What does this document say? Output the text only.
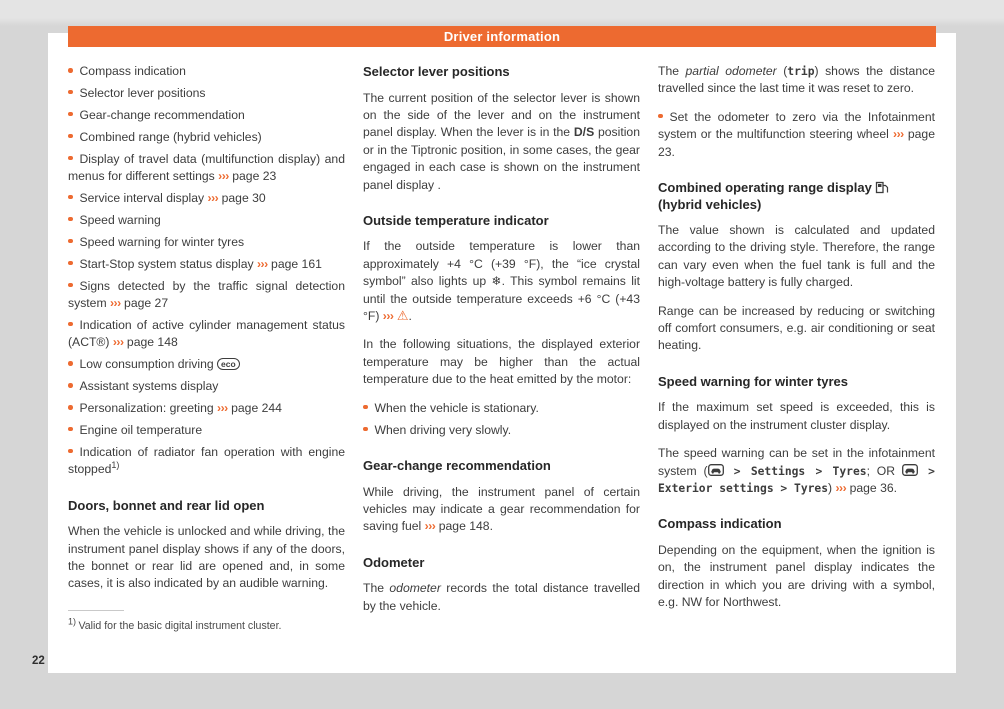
Driver information
Compass indication
Selector lever positions
Gear-change recommendation
Combined range (hybrid vehicles)
Display of travel data (multifunction display) and menus for different settings ››› page 23
Service interval display ››› page 30
Speed warning
Speed warning for winter tyres
Start-Stop system status display ››› page 161
Signs detected by the traffic signal detection system ››› page 27
Indication of active cylinder management status (ACT®) ››› page 148
Low consumption driving eco
Assistant systems display
Personalization: greeting ››› page 244
Engine oil temperature
Indication of radiator fan operation with engine stopped$^{1)}$
Doors, bonnet and rear lid open
When the vehicle is unlocked and while driving, the instrument panel display shows if any of the doors, the bonnet or rear lid are opened and, in some cases, it is also indicated by an audible warning.
$^{1)}$ Valid for the basic digital instrument cluster.
Selector lever positions
The current position of the selector lever is shown on the side of the lever and on the instrument panel display. When the lever is in the D/S position or in the Tiptronic position, in some cases, the gear engaged in each case is shown on the instrument panel display .
Outside temperature indicator
If the outside temperature is lower than approximately +4 °C (+39 °F), the “ice crystal symbol” also lights up ❄. This symbol remains lit until the outside temperature exceeds +6 °C (+43 °F) ››› ⚠.
In the following situations, the displayed exterior temperature may be higher than the actual temperature due to the heat emitted by the motor:
When the vehicle is stationary.
When driving very slowly.
Gear-change recommendation
While driving, the instrument panel of certain vehicles may indicate a gear recommendation for saving fuel ››› page 148.
Odometer
The odometer records the total distance travelled by the vehicle.
The partial odometer (trip) shows the distance travelled since the last time it was reset to zero.
Set the odometer to zero via the Infotainment system or the multifunction steering wheel ››› page 23.
Combined operating range display  (hybrid vehicles)
The value shown is calculated and updated according to the driving style. Therefore, the range can vary even when the fuel tank is full and the high-voltage battery is fully charged.
Range can be increased by reducing or switching off comfort consumers, e.g. air conditioning or seat heating.
Speed warning for winter tyres
If the maximum set speed is exceeded, this is displayed on the instrument cluster display.
The speed warning can be set in the infotainment system ( > Settings > Tyres; OR  > Exterior settings > Tyres) ››› page 36.
Compass indication
Depending on the equipment, when the ignition is on, the instrument panel display indicates the direction in which you are driving with a symbol, e.g. NW for Northwest.
22
